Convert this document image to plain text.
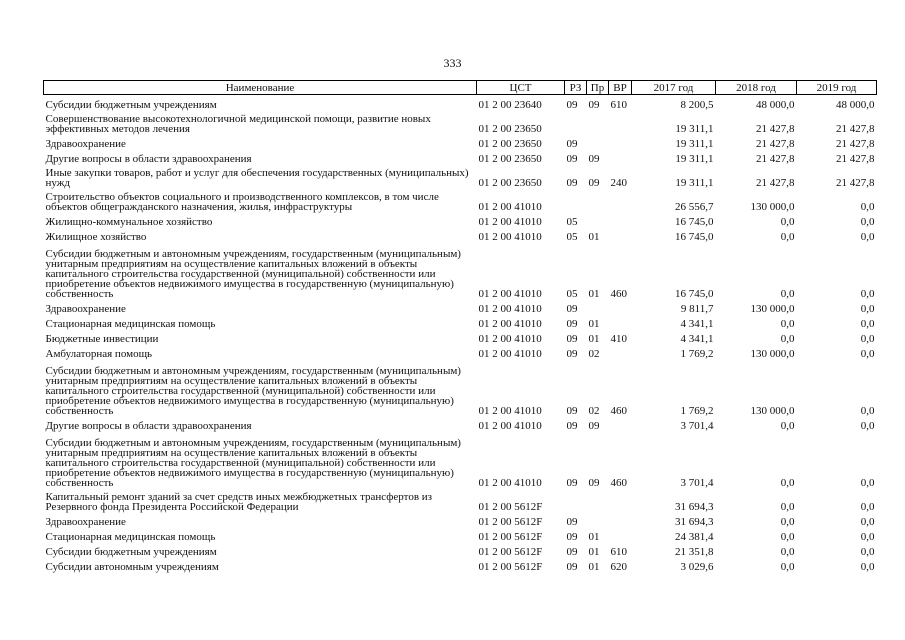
333
Наименование	ЦСТ	РЗ	Пр	ВР	2017 год	2018 год	2019 год
Субсидии бюджетным учреждениям	01 2 00 23640	09	09	610	8 200,5	48 000,0	48 000,0
Совершенствование высокотехнологичной медицинской помощи, развитие новых эффективных методов лечения	01 2 00 23650				19 311,1	21 427,8	21 427,8
Здравоохранение	01 2 00 23650	09			19 311,1	21 427,8	21 427,8
Другие вопросы в области здравоохранения	01 2 00 23650	09	09		19 311,1	21 427,8	21 427,8
Иные закупки товаров, работ и услуг для обеспечения государственных (муниципальных) нужд	01 2 00 23650	09	09	240	19 311,1	21 427,8	21 427,8
Строительство объектов социального и производственного комплексов, в том числе объектов общегражданского назначения, жилья, инфраструктуры	01 2 00 41010				26 556,7	130 000,0	0,0
Жилищно-коммунальное хозяйство	01 2 00 41010	05			16 745,0	0,0	0,0
Жилищное хозяйство	01 2 00 41010	05	01		16 745,0	0,0	0,0
Субсидии бюджетным и автономным учреждениям, государственным (муниципальным) унитарным предприятиям на осуществление капитальных вложений в объекты капитального строительства государственной (муниципальной) собственности или приобретение объектов недвижимого имущества в государственную (муниципальную) собственность	01 2 00 41010	05	01	460	16 745,0	0,0	0,0
Здравоохранение	01 2 00 41010	09			9 811,7	130 000,0	0,0
Стационарная медицинская помощь	01 2 00 41010	09	01		4 341,1	0,0	0,0
Бюджетные инвестиции	01 2 00 41010	09	01	410	4 341,1	0,0	0,0
Амбулаторная помощь	01 2 00 41010	09	02		1 769,2	130 000,0	0,0
Субсидии бюджетным и автономным учреждениям, государственным (муниципальным) унитарным предприятиям на осуществление капитальных вложений в объекты капитального строительства государственной (муниципальной) собственности или приобретение объектов недвижимого имущества в государственную (муниципальную) собственность	01 2 00 41010	09	02	460	1 769,2	130 000,0	0,0
Другие вопросы в области здравоохранения	01 2 00 41010	09	09		3 701,4	0,0	0,0
Субсидии бюджетным и автономным учреждениям, государственным (муниципальным) унитарным предприятиям на осуществление капитальных вложений в объекты капитального строительства государственной (муниципальной) собственности или приобретение объектов недвижимого имущества в государственную (муниципальную) собственность	01 2 00 41010	09	09	460	3 701,4	0,0	0,0
Капитальный ремонт зданий за счет средств иных межбюджетных трансфертов из Резервного фонда Президента Российской Федерации	01 2 00 5612F				31 694,3	0,0	0,0
Здравоохранение	01 2 00 5612F	09			31 694,3	0,0	0,0
Стационарная медицинская помощь	01 2 00 5612F	09	01		24 381,4	0,0	0,0
Субсидии бюджетным учреждениям	01 2 00 5612F	09	01	610	21 351,8	0,0	0,0
Субсидии автономным учреждениям	01 2 00 5612F	09	01	620	3 029,6	0,0	0,0
